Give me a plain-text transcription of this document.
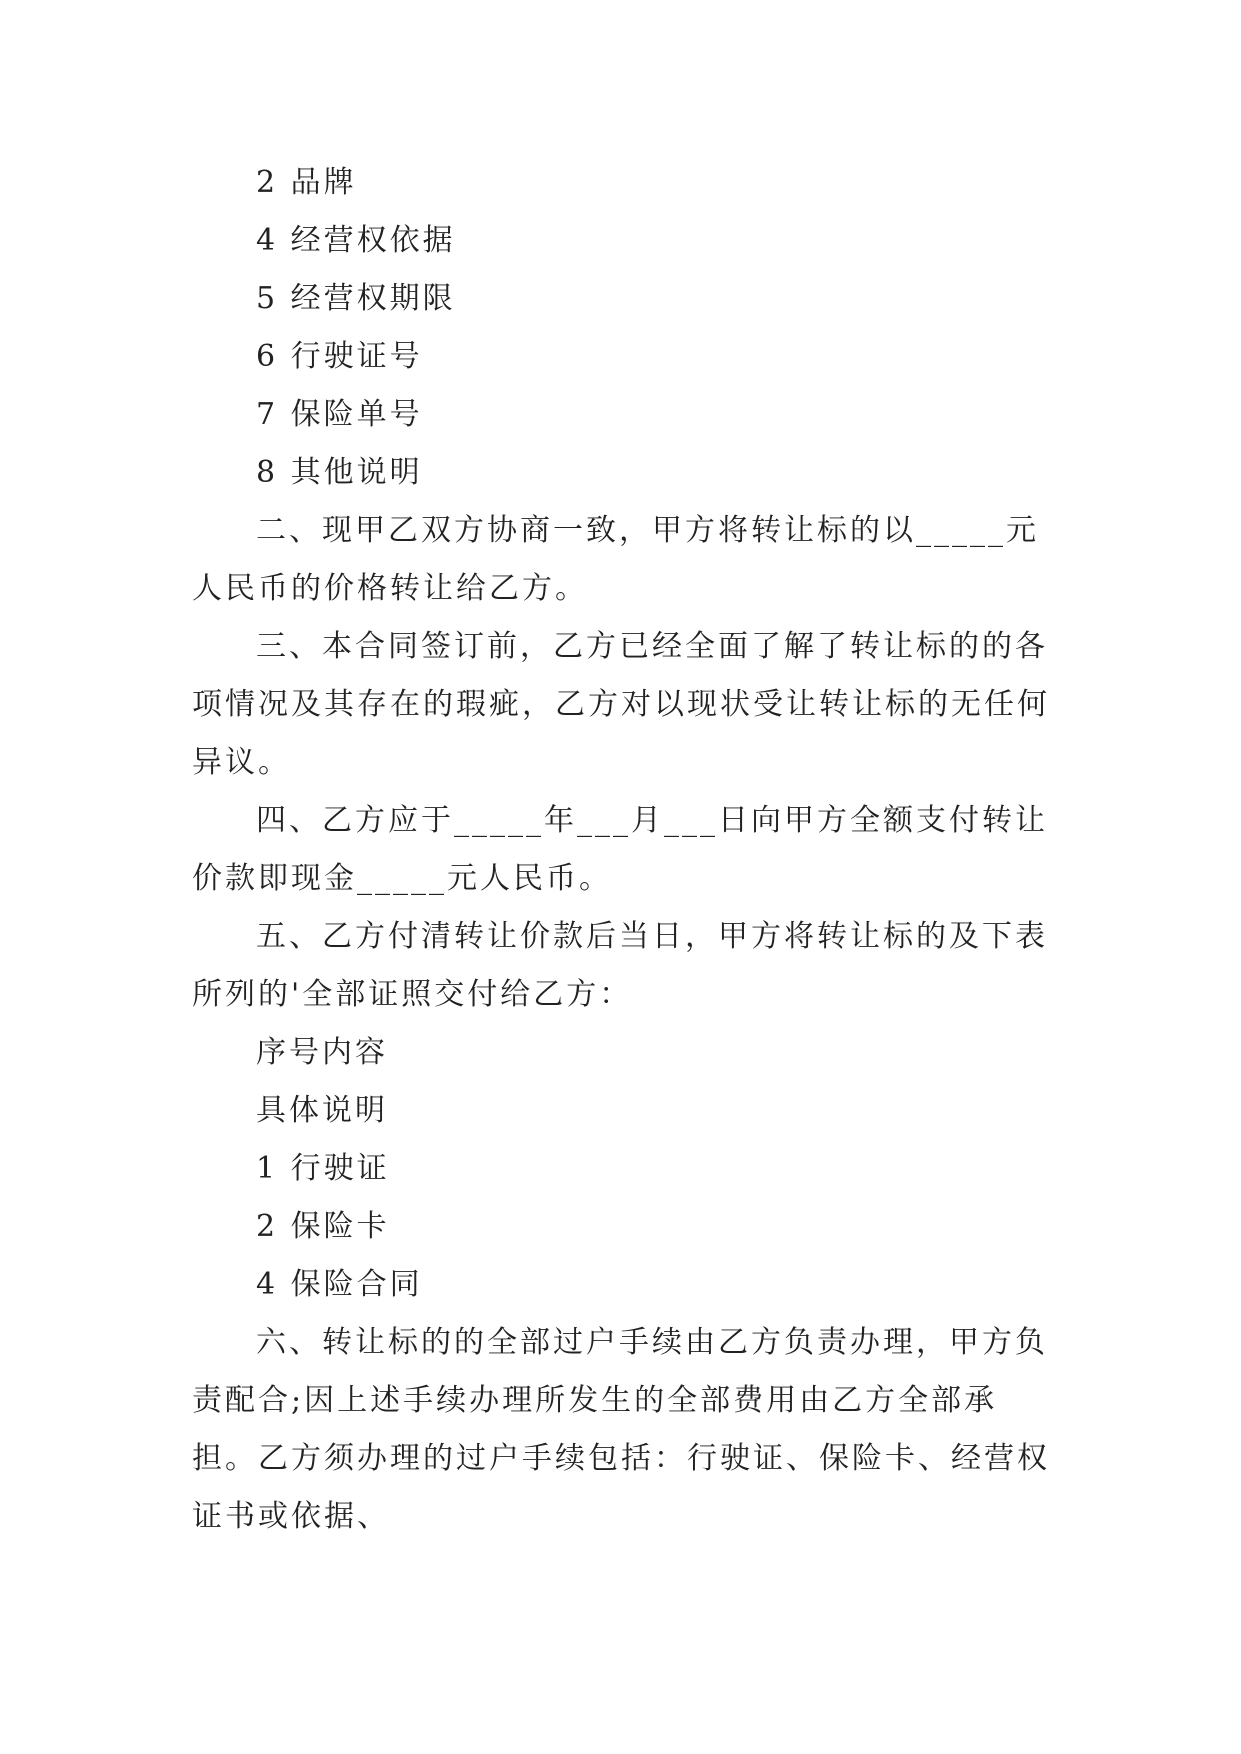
2 品牌

4 经营权依据

5 经营权期限

6 行驶证号

7 保险单号

8 其他说明

二、现甲乙双方协商一致，甲方将转让标的以_____元人民币的价格转让给乙方。

三、本合同签订前，乙方已经全面了解了转让标的的各项情况及其存在的瑕疵，乙方对以现状受让转让标的无任何异议。

四、乙方应于_____年___月___日向甲方全额支付转让价款即现金_____元人民币。

五、乙方付清转让价款后当日，甲方将转让标的及下表所列的'全部证照交付给乙方：

序号内容

具体说明

1 行驶证

2 保险卡

4 保险合同

六、转让标的的全部过户手续由乙方负责办理，甲方负责配合;因上述手续办理所发生的全部费用由乙方全部承担。乙方须办理的过户手续包括：行驶证、保险卡、经营权证书或依据、
